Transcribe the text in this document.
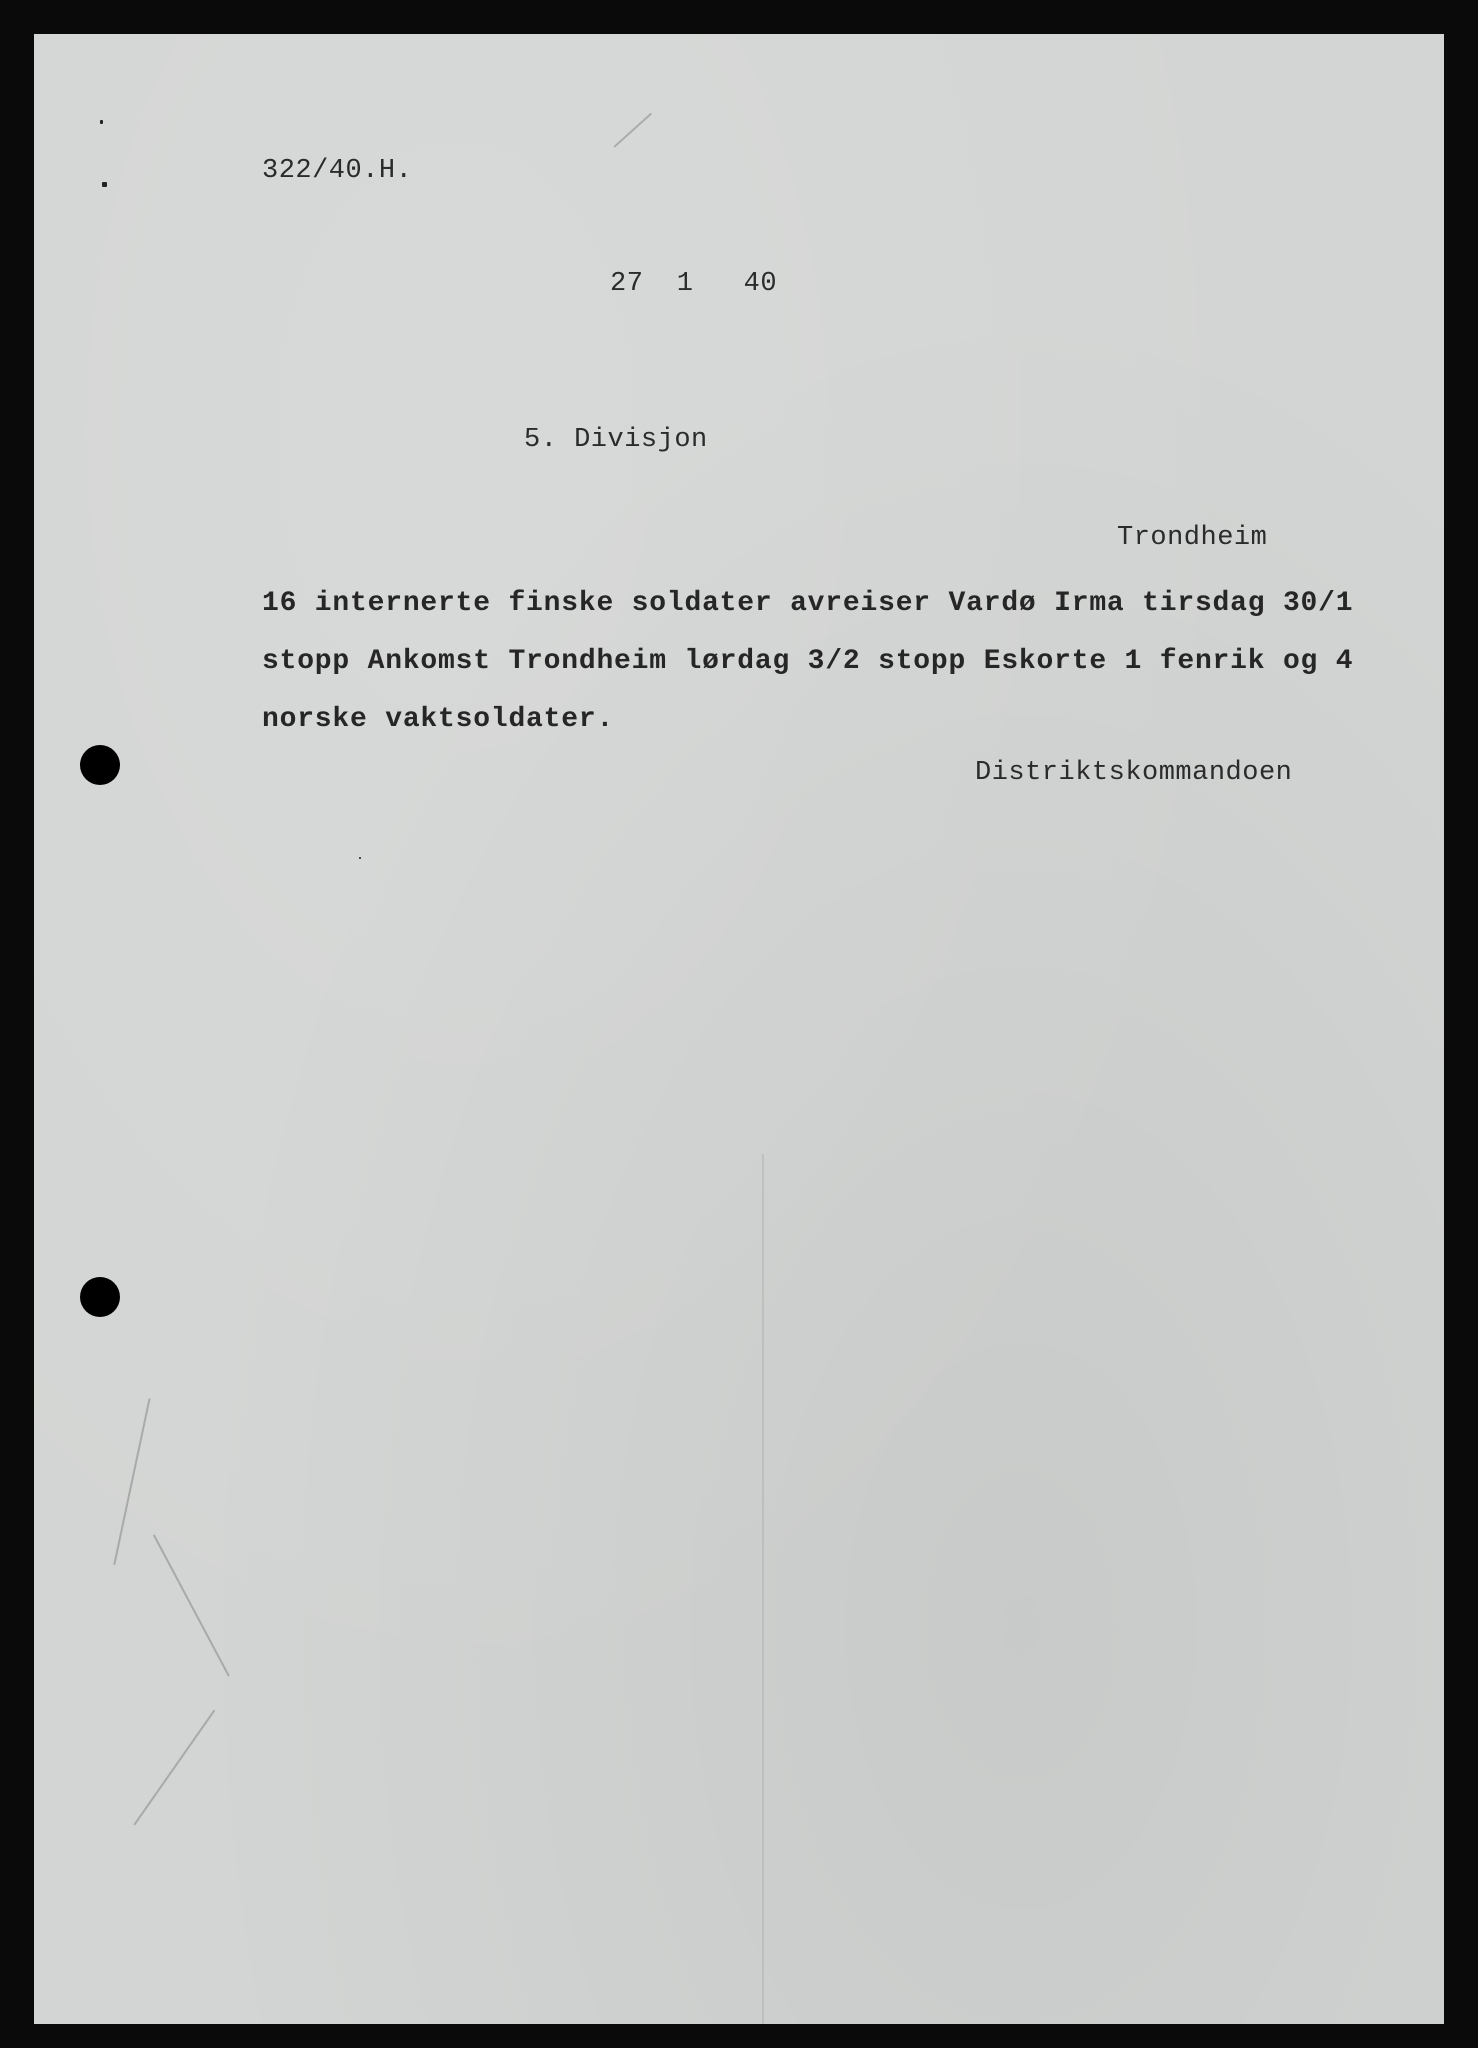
322/40.H.
27  1   40
5. Divisjon
Trondheim
16 internerte finske soldater avreiser Vardø Irma tirsdag 30/1
stopp Ankomst Trondheim lørdag 3/2 stopp Eskorte 1 fenrik og 4
norske vaktsoldater.
Distriktskommandoen
